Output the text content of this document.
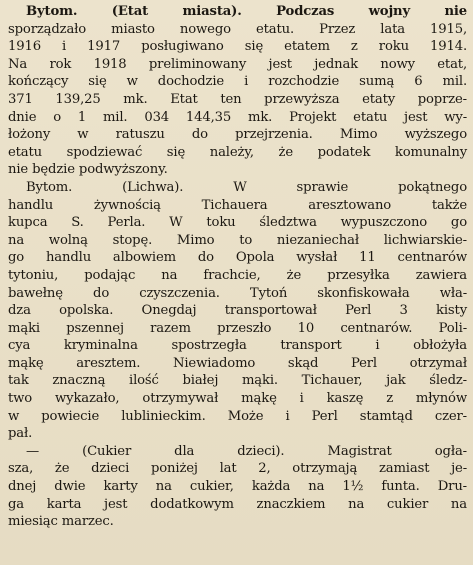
Bytom. (Etat miasta). Podczas wojny nie
sporządzało miasto nowego etatu. Przez lata 1915,
1916 i 1917 posługiwano się etatem z roku 1914.
Na rok 1918 preliminowany jest jednak nowy etat,
kończący się w dochodzie i rozchodzie sumą 6 mil.
371 139,25 mk. Etat ten przewyższa etaty poprze-
dnie o 1 mil. 034 144,35 mk. Projekt etatu jest wy-
łożony w ratuszu do przejrzenia. Mimo wyższego
etatu spodziewać się należy, że podatek komunalny
nie będzie podwyższony.
Bytom. (Lichwa). W sprawie pokątnego
handlu żywnością Tichauera aresztowano także
kupca S. Perla. W toku śledztwa wypuszczono go
na wolną stopę. Mimo to niezaniechał lichwiarskie-
go handlu albowiem do Opola wysłał 11 centnarów
tytoniu, podając na frachcie, że przesyłka zawiera
bawełnę do czyszczenia. Tytoń skonfiskowała wła-
dza opolska. Onegdaj transportował Perl 3 kisty
mąki pszennej razem przeszło 10 centnarów. Poli-
cya kryminalna spostrzegła transport i obłożyła
mąkę aresztem. Niewiadomo skąd Perl otrzymał
tak znaczną ilość białej mąki. Tichauer, jak śledz-
two wykazało, otrzymywał mąkę i kaszę z młynów
w powiecie lublinieckim. Może i Perl stamtąd czer-
pał.
— (Cukier dla dzieci). Magistrat ogła-
sza, że dzieci poniżej lat 2, otrzymają zamiast je-
dnej dwie karty na cukier, każda na 1½ funta. Dru-
ga karta jest dodatkowym znaczkiem na cukier na
miesiąc marzec.
